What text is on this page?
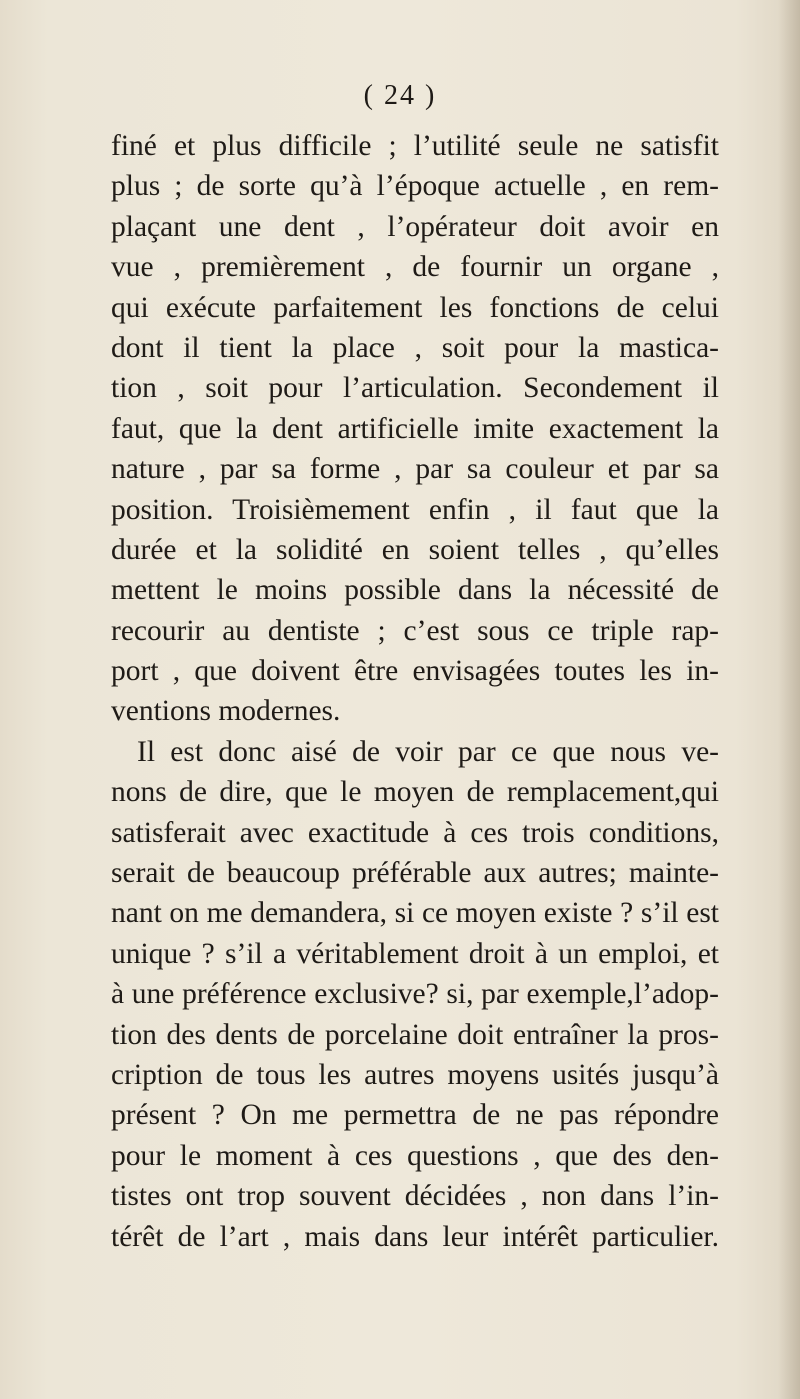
( 24 )
finé et plus difficile ; l’utilité seule ne satisfit
plus ; de sorte qu’à l’époque actuelle , en rem-
plaçant une dent , l’opérateur doit avoir en
vue , premièrement , de fournir un organe ,
qui exécute parfaitement les fonctions de celui
dont il tient la place , soit pour la mastica-
tion , soit pour l’articulation. Secondement il
faut, que la dent artificielle imite exactement la
nature , par sa forme , par sa couleur et par sa
position. Troisièmement enfin , il faut que la
durée et la solidité en soient telles , qu’elles
mettent le moins possible dans la nécessité de
recourir au dentiste ; c’est sous ce triple rap-
port , que doivent être envisagées toutes les in-
ventions modernes.
Il est donc aisé de voir par ce que nous ve-
nons de dire, que le moyen de remplacement,qui
satisferait avec exactitude à ces trois conditions,
serait de beaucoup préférable aux autres; mainte-
nant on me demandera, si ce moyen existe ? s’il est
unique ? s’il a véritablement droit à un emploi, et
à une préférence exclusive? si, par exemple,l’adop-
tion des dents de porcelaine doit entraîner la pros-
cription de tous les autres moyens usités jusqu’à
présent ? On me permettra de ne pas répondre
pour le moment à ces questions , que des den-
tistes ont trop souvent décidées , non dans l’in-
térêt de l’art , mais dans leur intérêt particulier.
